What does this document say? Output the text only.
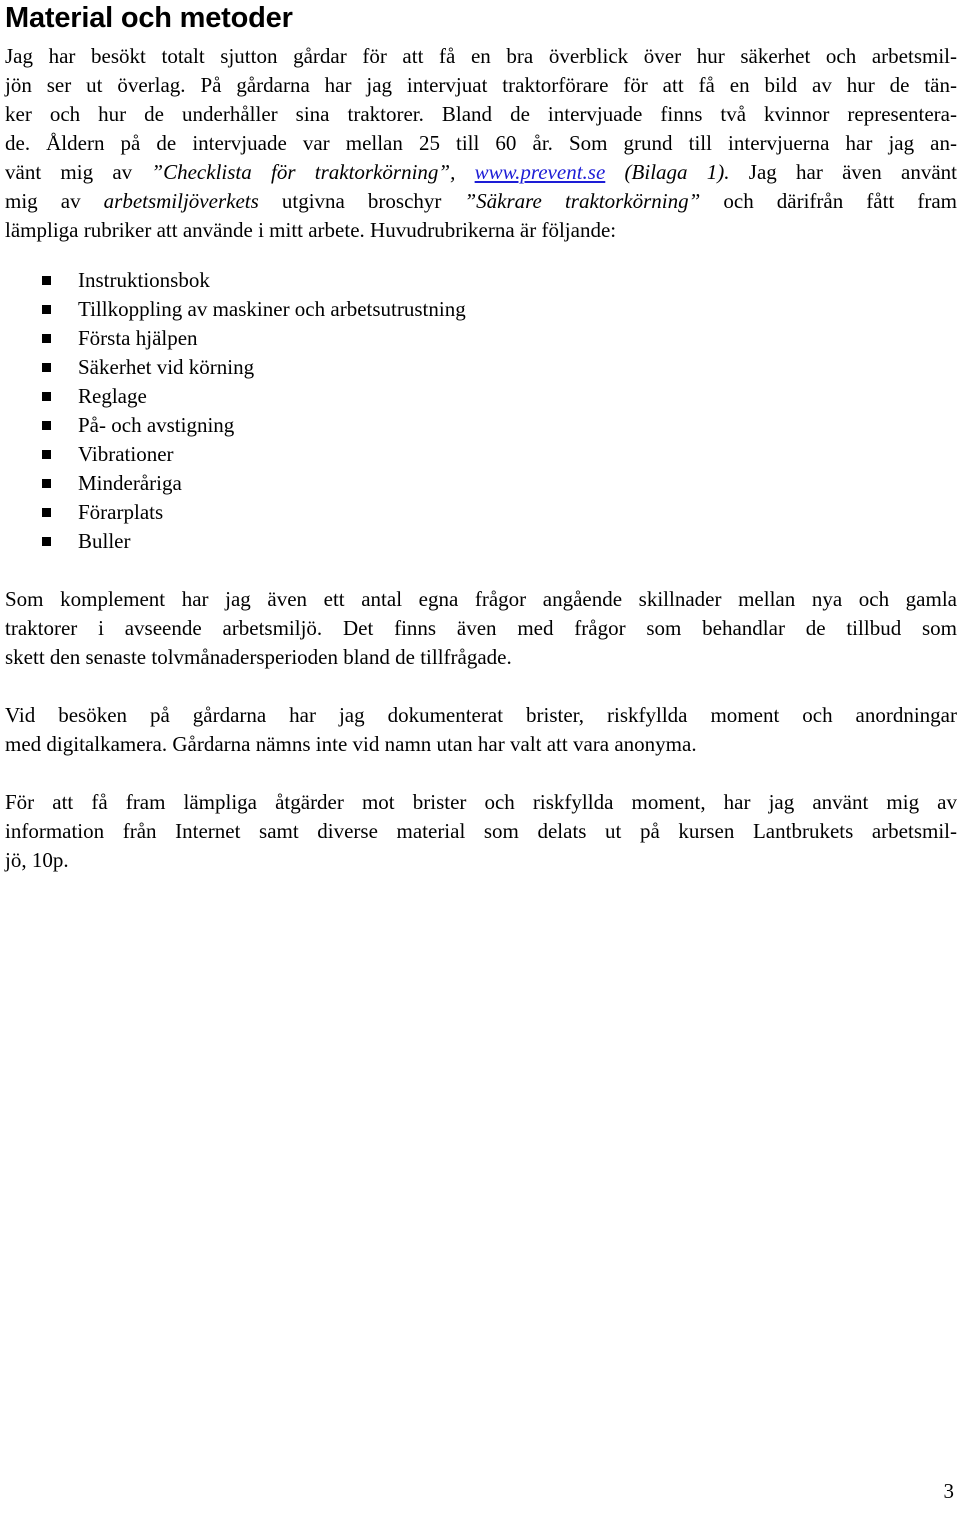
Material och metoder
Jag har besökt totalt sjutton gårdar för att få en bra överblick över hur säkerhet och arbetsmil-
jön ser ut överlag. På gårdarna har jag intervjuat traktorförare för att få en bild av hur de tän-
ker och hur de underhåller sina traktorer. Bland de intervjuade finns två kvinnor representera-
de. Åldern på de intervjuade var mellan 25 till 60 år. Som grund till intervjuerna har jag an-
vänt mig av ”Checklista för traktorkörning”, www.prevent.se (Bilaga 1). Jag har även använt
mig av arbetsmiljöverkets utgivna broschyr ”Säkrare traktorkörning” och därifrån fått fram
lämpliga rubriker att använde i mitt arbete. Huvudrubrikerna är följande:
Instruktionsbok
Tillkoppling av maskiner och arbetsutrustning
Första hjälpen
Säkerhet vid körning
Reglage
På- och avstigning
Vibrationer
Minderåriga
Förarplats
Buller
Som komplement har jag även ett antal egna frågor angående skillnader mellan nya och gamla
traktorer i avseende arbetsmiljö. Det finns även med frågor som behandlar de tillbud som
skett den senaste tolvmånadersperioden bland de tillfrågade.
Vid besöken på gårdarna har jag dokumenterat brister, riskfyllda moment och anordningar
med digitalkamera. Gårdarna nämns inte vid namn utan har valt att vara anonyma.
För att få fram lämpliga åtgärder mot brister och riskfyllda moment, har jag använt mig av
information från Internet samt diverse material som delats ut på kursen Lantbrukets arbetsmil-
jö, 10p.
3
